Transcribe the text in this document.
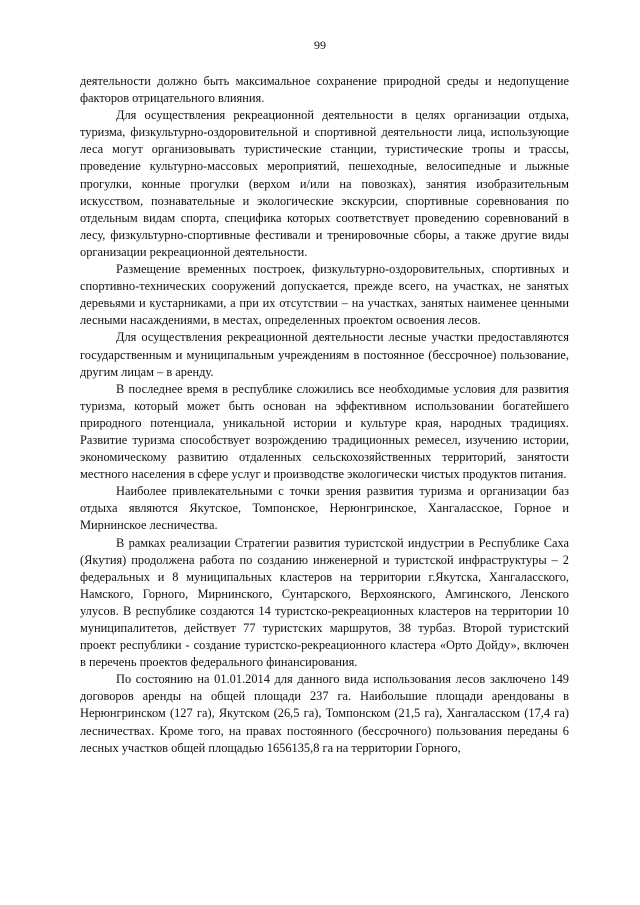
99

деятельности должно быть максимальное сохранение природной среды и недопущение факторов отрицательного влияния.

Для осуществления рекреационной деятельности в целях организации отдыха, туризма, физкультурно-оздоровительной и спортивной деятельности лица, использующие леса могут организовывать туристические станции, туристические тропы и трассы, проведение культурно-массовых мероприятий, пешеходные, велосипедные и лыжные прогулки, конные прогулки (верхом и/или на повозках), занятия изобразительным искусством, познавательные и экологические экскурсии, спортивные соревнования по отдельным видам спорта, специфика которых соответствует проведению соревнований в лесу, физкультурно-спортивные фестивали и тренировочные сборы, а также другие виды организации рекреационной деятельности.

Размещение временных построек, физкультурно-оздоровительных, спортивных и спортивно-технических сооружений допускается, прежде всего, на участках, не занятых деревьями и кустарниками, а при их отсутствии – на участках, занятых наименее ценными лесными насаждениями, в местах, определенных проектом освоения лесов.

Для осуществления рекреационной деятельности лесные участки предоставляются государственным и муниципальным учреждениям в постоянное (бессрочное) пользование, другим лицам – в аренду.

В последнее время в республике сложились все необходимые условия для развития туризма, который может быть основан на эффективном использовании богатейшего природного потенциала, уникальной истории и культуре края, народных традициях. Развитие туризма способствует возрождению традиционных ремесел, изучению истории, экономическому развитию отдаленных сельскохозяйственных территорий, занятости местного населения в сфере услуг и производстве экологически чистых продуктов питания.

Наиболее привлекательными с точки зрения развития туризма и организации баз отдыха являются Якутское, Томпонское, Нерюнгринское, Хангаласское, Горное и Мирнинское лесничества.

В рамках реализации Стратегии развития туристской индустрии в Республике Саха (Якутия) продолжена работа по созданию инженерной и туристской инфраструктуры – 2 федеральных и 8 муниципальных кластеров на территории г.Якутска, Хангаласского, Намского, Горного, Мирнинского, Сунтарского, Верхоянского, Амгинского, Ленского улусов. В республике создаются 14 туристско-рекреационных кластеров на территории 10 муниципалитетов, действует 77 туристских маршрутов, 38 турбаз. Второй туристский проект республики - создание туристско-рекреационного кластера «Орто Дойду», включен в перечень проектов федерального финансирования.

По состоянию на 01.01.2014 для данного вида использования лесов заключено 149 договоров аренды на общей площади 237 га. Наибольшие площади арендованы в Нерюнгринском (127 га), Якутском (26,5 га), Томпонском (21,5 га), Хангаласском (17,4 га) лесничествах. Кроме того, на правах постоянного (бессрочного) пользования переданы 6 лесных участков общей площадью 1656135,8 га на территории Горного,
